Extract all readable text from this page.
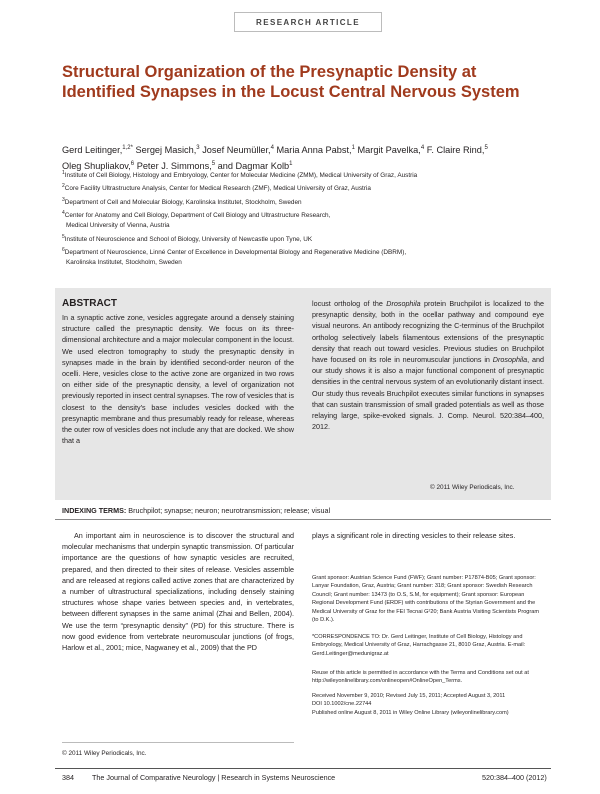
RESEARCH ARTICLE
Structural Organization of the Presynaptic Density at Identified Synapses in the Locust Central Nervous System
Gerd Leitinger,$^{1,2*}$ Sergej Masich,$^3$ Josef Neumüller,$^4$ Maria Anna Pabst,$^1$ Margit Pavelka,$^4$ F. Claire Rind,$^5$
Oleg Shupliakov,$^6$ Peter J. Simmons,$^5$ and Dagmar Kolb$^1$
$^1$Institute of Cell Biology, Histology and Embryology, Center for Molecular Medicine (ZMM), Medical University of Graz, Austria
$^2$Core Facility Ultrastructure Analysis, Center for Medical Research (ZMF), Medical University of Graz, Austria
$^3$Department of Cell and Molecular Biology, Karolinska Institutet, Stockholm, Sweden
$^4$Center for Anatomy and Cell Biology, Department of Cell Biology and Ultrastructure Research,
Medical University of Vienna, Austria
$^5$Institute of Neuroscience and School of Biology, University of Newcastle upon Tyne, UK
$^6$Department of Neuroscience, Linné Center of Excellence in Developmental Biology and Regenerative Medicine (DBRM),
Karolinska Institutet, Stockholm, Sweden
ABSTRACT

In a synaptic active zone, vesicles aggregate around a densely staining structure called the presynaptic density. We focus on its three-dimensional architecture and a major molecular component in the locust. We used electron tomography to study the presynaptic density in synapses made in the brain by identified second-order neuron of the ocelli. Here, vesicles close to the active zone are organized in two rows on either side of the presynaptic density, a level of organization not previously reported in insect central synapses. The row of vesicles that is closest to the density's base includes vesicles docked with the presynaptic membrane and thus presumably ready for release, whereas the outer row of vesicles does not include any that are docked. We show that a

locust ortholog of the Drosophila protein Bruchpilot is localized to the presynaptic density, both in the ocellar pathway and compound eye visual neurons. An antibody recognizing the C-terminus of the Bruchpilot ortholog selectively labels filamentous extensions of the presynaptic density that reach out toward vesicles. Previous studies on Bruchpilot have focused on its role in neuromuscular junctions in Drosophila, and our study shows it is also a major functional component of presynaptic densities in the central nervous system of an evolutionarily distant insect. Our study thus reveals Bruchpilot executes similar functions in synapses that can sustain transmission of small graded potentials as well as those relaying large, spike-evoked signals. J. Comp. Neurol. 520:384–400, 2012.

© 2011 Wiley Periodicals, Inc.

INDEXING TERMS: Bruchpilot; synapse; neuron; neurotransmission; release; visual

An important aim in neuroscience is to discover the structural and molecular mechanisms that underpin synaptic transmission. Of particular importance are the questions of how synaptic vesicles are recruited, prepared, and then directed to their sites of release. Vesicles assemble and are released at regions called active zones that are characterized by a number of ultrastructural specializations, including densely staining structures whose shape varies between species and, in vertebrates, between different synapses in the same animal (Zhai and Bellen, 2004). We use the term “presynaptic density” (PD) for this structure. There is now good evidence from vertebrate neuromuscular junctions (of frogs, Harlow et al., 2001; mice, Nagwaney et al., 2009) that the PD

plays a significant role in directing vesicles to their release sites.

Grant sponsor: Austrian Science Fund (FWF); Grant number: P17874-B05; Grant sponsor: Lanyar Foundation, Graz, Austria; Grant number: 318; Grant sponsor: Swedish Research Council; Grant number: 13473 (to O.S, S.M, for equipment); Grant sponsor: European Regional Development Fund (ERDF) with contributions of the Styrian Government and the Medical University of Graz for the FEI Tecnai G²20; Bank Austria Visiting Scientists Program (to D.K.).

*CORRESPONDENCE TO: Dr. Gerd Leitinger, Institute of Cell Biology, Histology and Embryology, Medical University of Graz, Harrachgasse 21, 8010 Graz, Austria. E-mail: Gerd.Leitinger@medunigraz.at

Reuse of this article is permitted in accordance with the Terms and Conditions set out at http://wileyonlinelibrary.com/onlineopen#OnlineOpen_Terms.

Received November 9, 2010; Revised July 15, 2011; Accepted August 3, 2011
DOI 10.1002/cne.22744
Published online August 8, 2011 in Wiley Online Library (wileyonlinelibrary.com)
© 2011 Wiley Periodicals, Inc.
384	The Journal of Comparative Neurology | Research in Systems Neuroscience	520:384–400 (2012)
